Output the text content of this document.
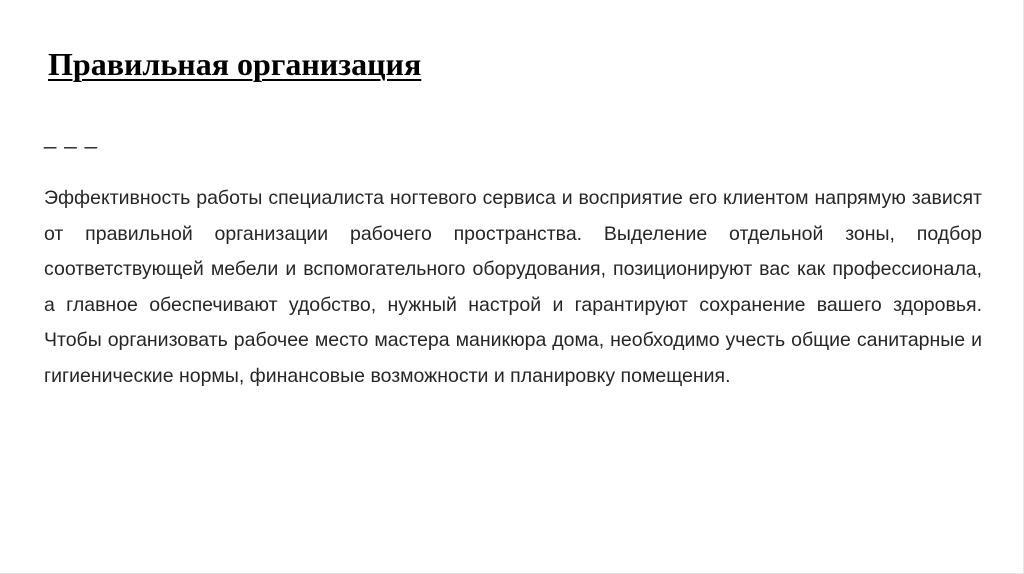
Правильная организация
_ _ _

Эффективность работы специалиста ногтевого сервиса и восприятие его клиентом напрямую зависят от правильной организации рабочего пространства. Выделение отдельной зоны, подбор соответствующей мебели и вспомогательного оборудования, позиционируют вас как профессионала, а главное обеспечивают удобство, нужный настрой и гарантируют сохранение вашего здоровья. Чтобы организовать рабочее место мастера маникюра дома, необходимо учесть общие санитарные и гигиенические нормы, финансовые возможности и планировку помещения.
